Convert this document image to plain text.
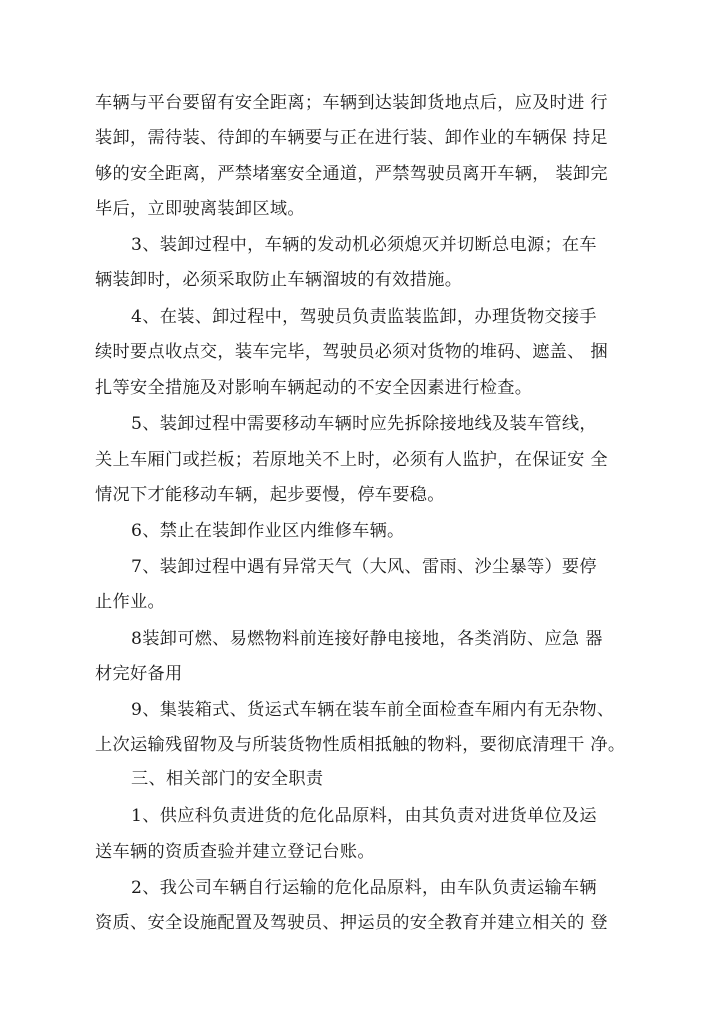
车辆与平台要留有安全距离；车辆到达装卸货地点后，应及时进 行
装卸，需待装、待卸的车辆要与正在进行装、卸作业的车辆保 持足
够的安全距离，严禁堵塞安全通道，严禁驾驶员离开车辆， 装卸完
毕后，立即驶离装卸区域。
3、装卸过程中，车辆的发动机必须熄灭并切断总电源；在车
辆装卸时，必须采取防止车辆溜坡的有效措施。
4、在装、卸过程中，驾驶员负责监装监卸，办理货物交接手
续时要点收点交，装车完毕，驾驶员必须对货物的堆码、遮盖、 捆
扎等安全措施及对影响车辆起动的不安全因素进行检查。
5、装卸过程中需要移动车辆时应先拆除接地线及装车管线，
关上车厢门或拦板；若原地关不上时，必须有人监护，在保证安 全
情况下才能移动车辆，起步要慢，停车要稳。
6、禁止在装卸作业区内维修车辆。
7、装卸过程中遇有异常天气（大风、雷雨、沙尘暴等）要停
止作业。
8装卸可燃、易燃物料前连接好静电接地，各类消防、应急 器
材完好备用
9、集装箱式、货运式车辆在装车前全面检查车厢内有无杂物、
上次运输残留物及与所装货物性质相抵触的物料，要彻底清理干 净。
三、相关部门的安全职责
1、供应科负责进货的危化品原料，由其负责对进货单位及运
送车辆的资质查验并建立登记台账。
2、我公司车辆自行运输的危化品原料，由车队负责运输车辆
资质、安全设施配置及驾驶员、押运员的安全教育并建立相关的 登
